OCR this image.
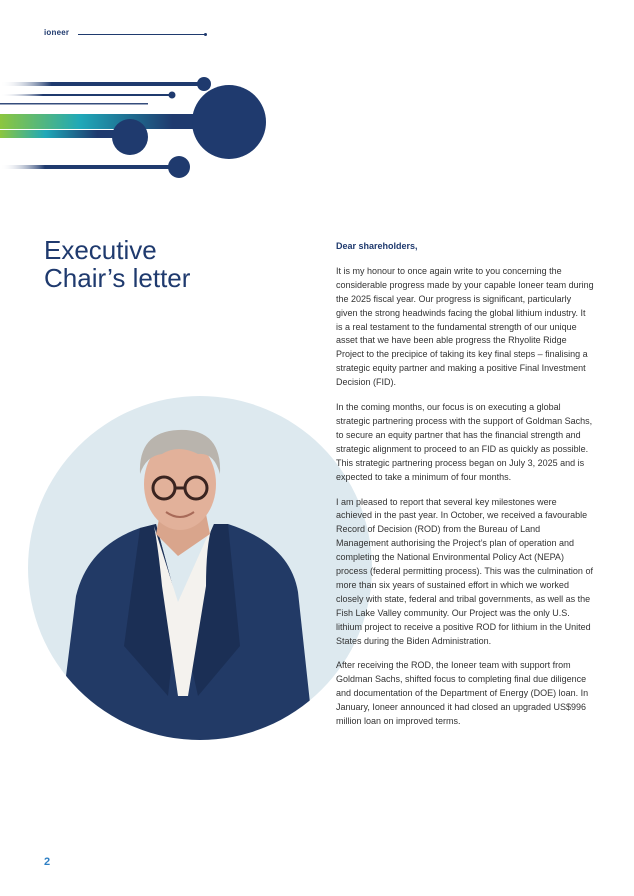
ioneer
Executive
Chair’s letter

Dear shareholders,

It is my honour to once again write to you concerning the considerable progress made by your capable Ioneer team during the 2025 fiscal year. Our progress is significant, particularly given the strong headwinds facing the global lithium industry. It is a real testament to the fundamental strength of our unique asset that we have been able progress the Rhyolite Ridge Project to the precipice of taking its key final steps – finalising a strategic equity partner and making a positive Final Investment Decision (FID).

In the coming months, our focus is on executing a global strategic partnering process with the support of Goldman Sachs, to secure an equity partner that has the financial strength and strategic alignment to proceed to an FID as quickly as possible. This strategic partnering process began on July 3, 2025 and is expected to take a minimum of four months.

I am pleased to report that several key milestones were achieved in the past year. In October, we received a favourable Record of Decision (ROD) from the Bureau of Land Management authorising the Project’s plan of operation and completing the National Environmental Policy Act (NEPA) process (federal permitting process). This was the culmination of more than six years of sustained effort in which we worked closely with state, federal and tribal governments, as well as the Fish Lake Valley community. Our Project was the only U.S. lithium project to receive a positive ROD for lithium in the United States during the Biden Administration.

After receiving the ROD, the Ioneer team with support from Goldman Sachs, shifted focus to completing final due diligence and documentation of the Department of Energy (DOE) loan. In January, Ioneer announced it had closed an upgraded US$996 million loan on improved terms.

2
